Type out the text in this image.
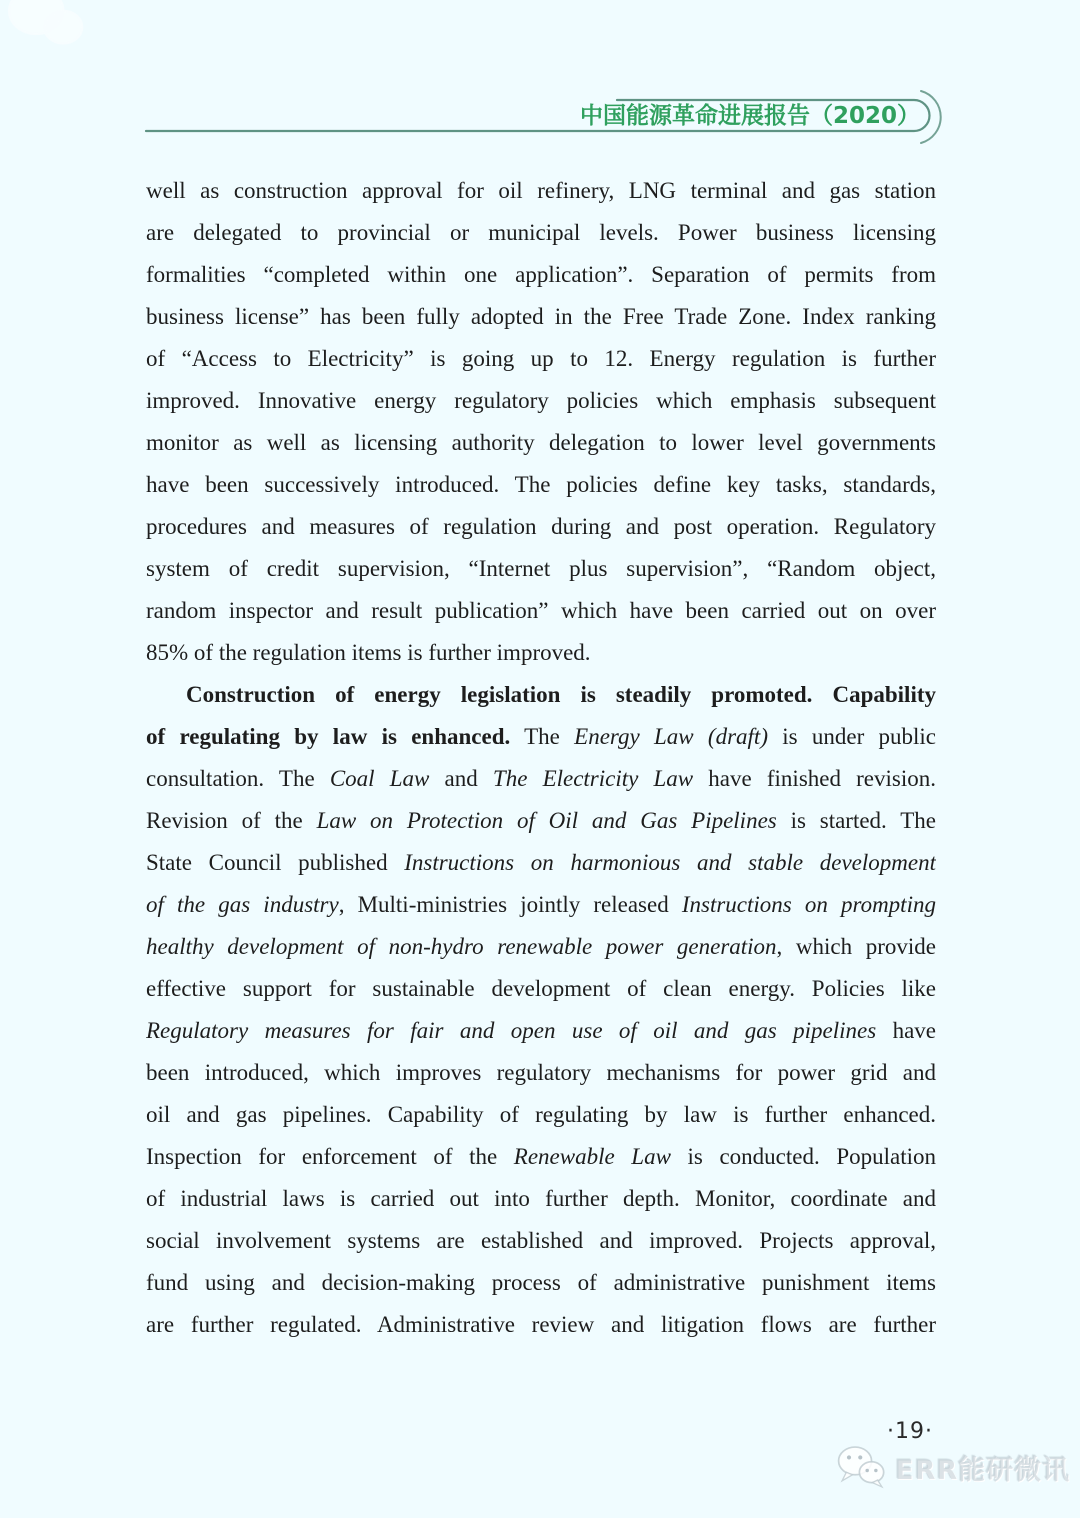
中国能源革命进展报告（2020）
well as construction approval for oil refinery, LNG terminal and gas station
are delegated to provincial or municipal levels. Power business licensing
formalities “completed within one application”. Separation of permits from
business license” has been fully adopted in the Free Trade Zone. Index ranking
of “Access to Electricity” is going up to 12. Energy regulation is further
improved. Innovative energy regulatory policies which emphasis subsequent
monitor as well as licensing authority delegation to lower level governments
have been successively introduced. The policies define key tasks, standards,
procedures and measures of regulation during and post operation. Regulatory
system of credit supervision, “Internet plus supervision”, “Random object,
random inspector and result publication” which have been carried out on over
85% of the regulation items is further improved.
Construction of energy legislation is steadily promoted. Capability
of regulating by law is enhanced. The Energy Law (draft) is under public
consultation. The Coal Law and The Electricity Law have finished revision.
Revision of the Law on Protection of Oil and Gas Pipelines is started. The
State Council published Instructions on harmonious and stable development
of the gas industry, Multi-ministries jointly released Instructions on prompting
healthy development of non-hydro renewable power generation, which provide
effective support for sustainable development of clean energy. Policies like
Regulatory measures for fair and open use of oil and gas pipelines have
been introduced, which improves regulatory mechanisms for power grid and
oil and gas pipelines. Capability of regulating by law is further enhanced.
Inspection for enforcement of the Renewable Law is conducted. Population
of industrial laws is carried out into further depth. Monitor, coordinate and
social involvement systems are established and improved. Projects approval,
fund using and decision-making process of administrative punishment items
are further regulated. Administrative review and litigation flows are further
·19·
ERR能研微讯
